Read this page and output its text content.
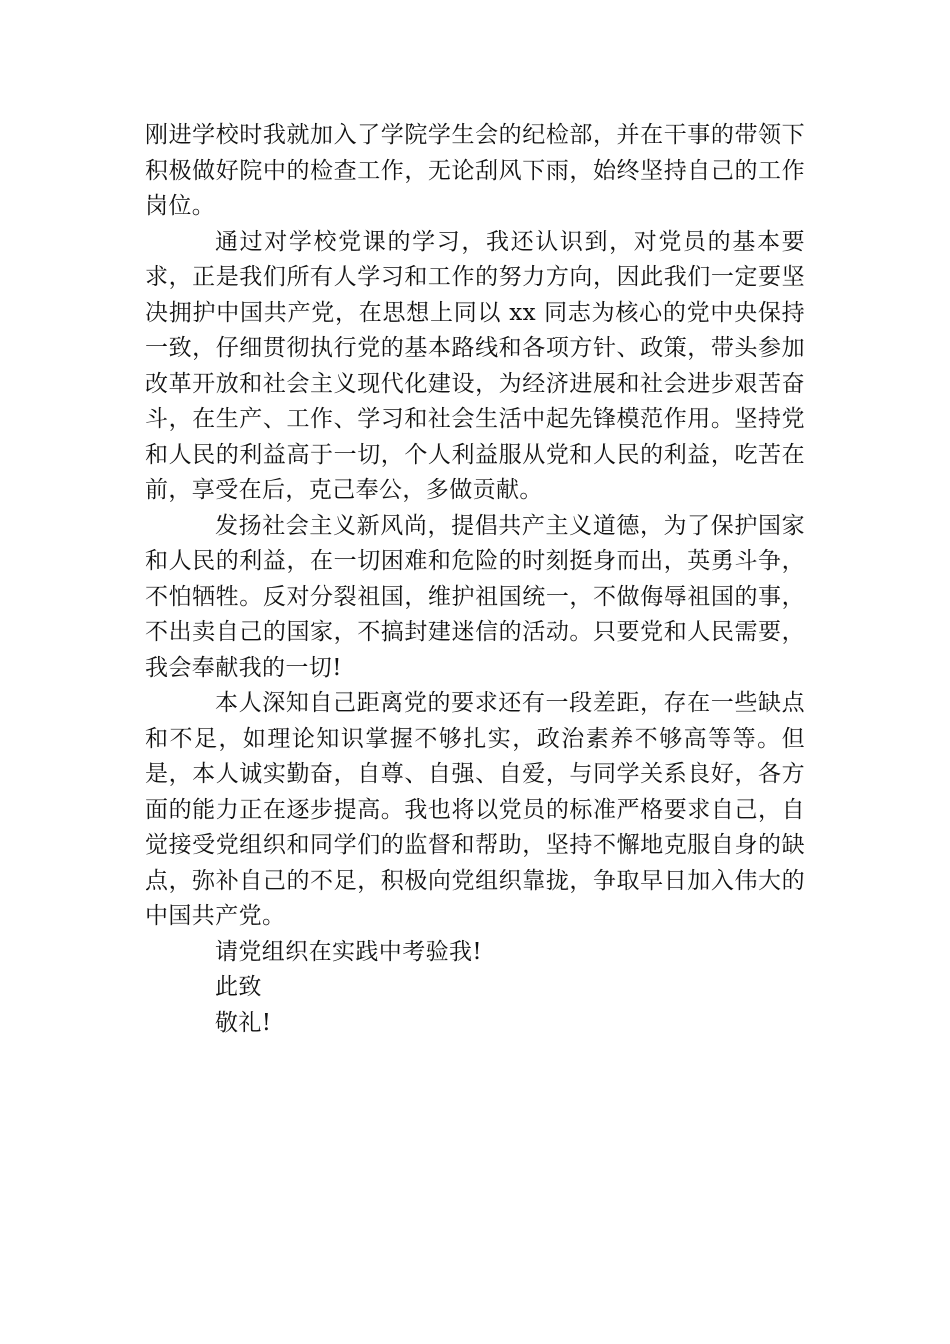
刚进学校时我就加入了学院学生会的纪检部，并在干事的带领下积极做好院中的检查工作，无论刮风下雨，始终坚持自己的工作岗位。

通过对学校党课的学习，我还认识到，对党员的基本要求，正是我们所有人学习和工作的努力方向，因此我们一定要坚决拥护中国共产党，在思想上同以 xx 同志为核心的党中央保持一致，仔细贯彻执行党的基本路线和各项方针、政策，带头参加改革开放和社会主义现代化建设，为经济进展和社会进步艰苦奋斗，在生产、工作、学习和社会生活中起先锋模范作用。坚持党和人民的利益高于一切，个人利益服从党和人民的利益，吃苦在前，享受在后，克己奉公，多做贡献。

发扬社会主义新风尚，提倡共产主义道德，为了保护国家和人民的利益，在一切困难和危险的时刻挺身而出，英勇斗争，不怕牺牲。反对分裂祖国，维护祖国统一，不做侮辱祖国的事，不出卖自己的国家，不搞封建迷信的活动。只要党和人民需要，我会奉献我的一切!

本人深知自己距离党的要求还有一段差距，存在一些缺点和不足，如理论知识掌握不够扎实，政治素养不够高等等。但是，本人诚实勤奋，自尊、自强、自爱，与同学关系良好，各方面的能力正在逐步提高。我也将以党员的标准严格要求自己，自觉接受党组织和同学们的监督和帮助，坚持不懈地克服自身的缺点，弥补自己的不足，积极向党组织靠拢，争取早日加入伟大的中国共产党。

请党组织在实践中考验我!

此致

敬礼!
